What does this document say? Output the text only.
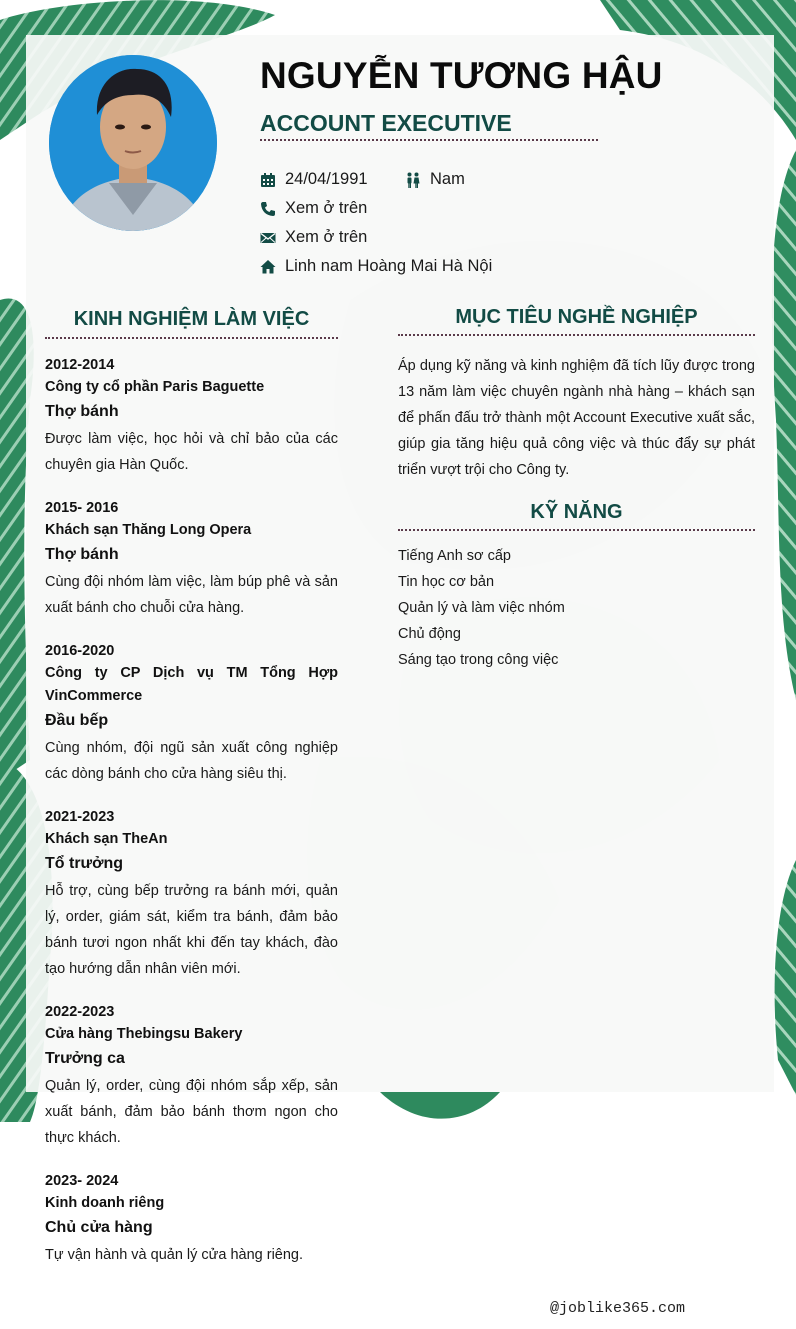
NGUYỄN TƯƠNG HẬU
ACCOUNT EXECUTIVE
24/04/1991	Nam
Xem ở trên
Xem ở trên
Linh nam Hoàng Mai Hà Nội
KINH NGHIỆM LÀM VIỆC
2012-2014
Công ty cổ phần Paris Baguette
Thợ bánh
Được làm việc, học hỏi và chỉ bảo của các chuyên gia Hàn Quốc.
2015- 2016
Khách sạn Thăng Long Opera
Thợ bánh
Cùng đội nhóm làm việc, làm búp phê và sản xuất bánh cho chuỗi cửa hàng.
2016-2020
Công ty CP Dịch vụ TM Tổng Hợp VinCommerce
Đầu bếp
Cùng nhóm, đội ngũ sản xuất công nghiệp các dòng bánh cho cửa hàng siêu thị.
2021-2023
Khách sạn TheAn
Tổ trưởng
Hỗ trợ, cùng bếp trưởng ra bánh mới, quản lý, order, giám sát, kiểm tra bánh, đảm bảo bánh tươi ngon nhất khi đến tay khách, đào tạo hướng dẫn nhân viên mới.
2022-2023
Cửa hàng Thebingsu Bakery
Trưởng ca
Quản lý, order, cùng đội nhóm sắp xếp, sản xuất bánh, đảm bảo bánh thơm ngon cho thực khách.
2023- 2024
Kinh doanh riêng
Chủ cửa hàng
Tự vận hành và quản lý cửa hàng riêng.
MỤC TIÊU NGHỀ NGHIỆP
Áp dụng kỹ năng và kinh nghiệm đã tích lũy được trong 13 năm làm việc chuyên ngành nhà hàng – khách sạn để phấn đấu trở thành một Account Executive xuất sắc, giúp gia tăng hiệu quả công việc và thúc đẩy sự phát triển vượt trội cho Công ty.
KỸ NĂNG
Tiếng Anh sơ cấp
Tin học cơ bản
Quản lý và làm việc nhóm
Chủ động
Sáng tạo trong công việc
@joblike365.com
